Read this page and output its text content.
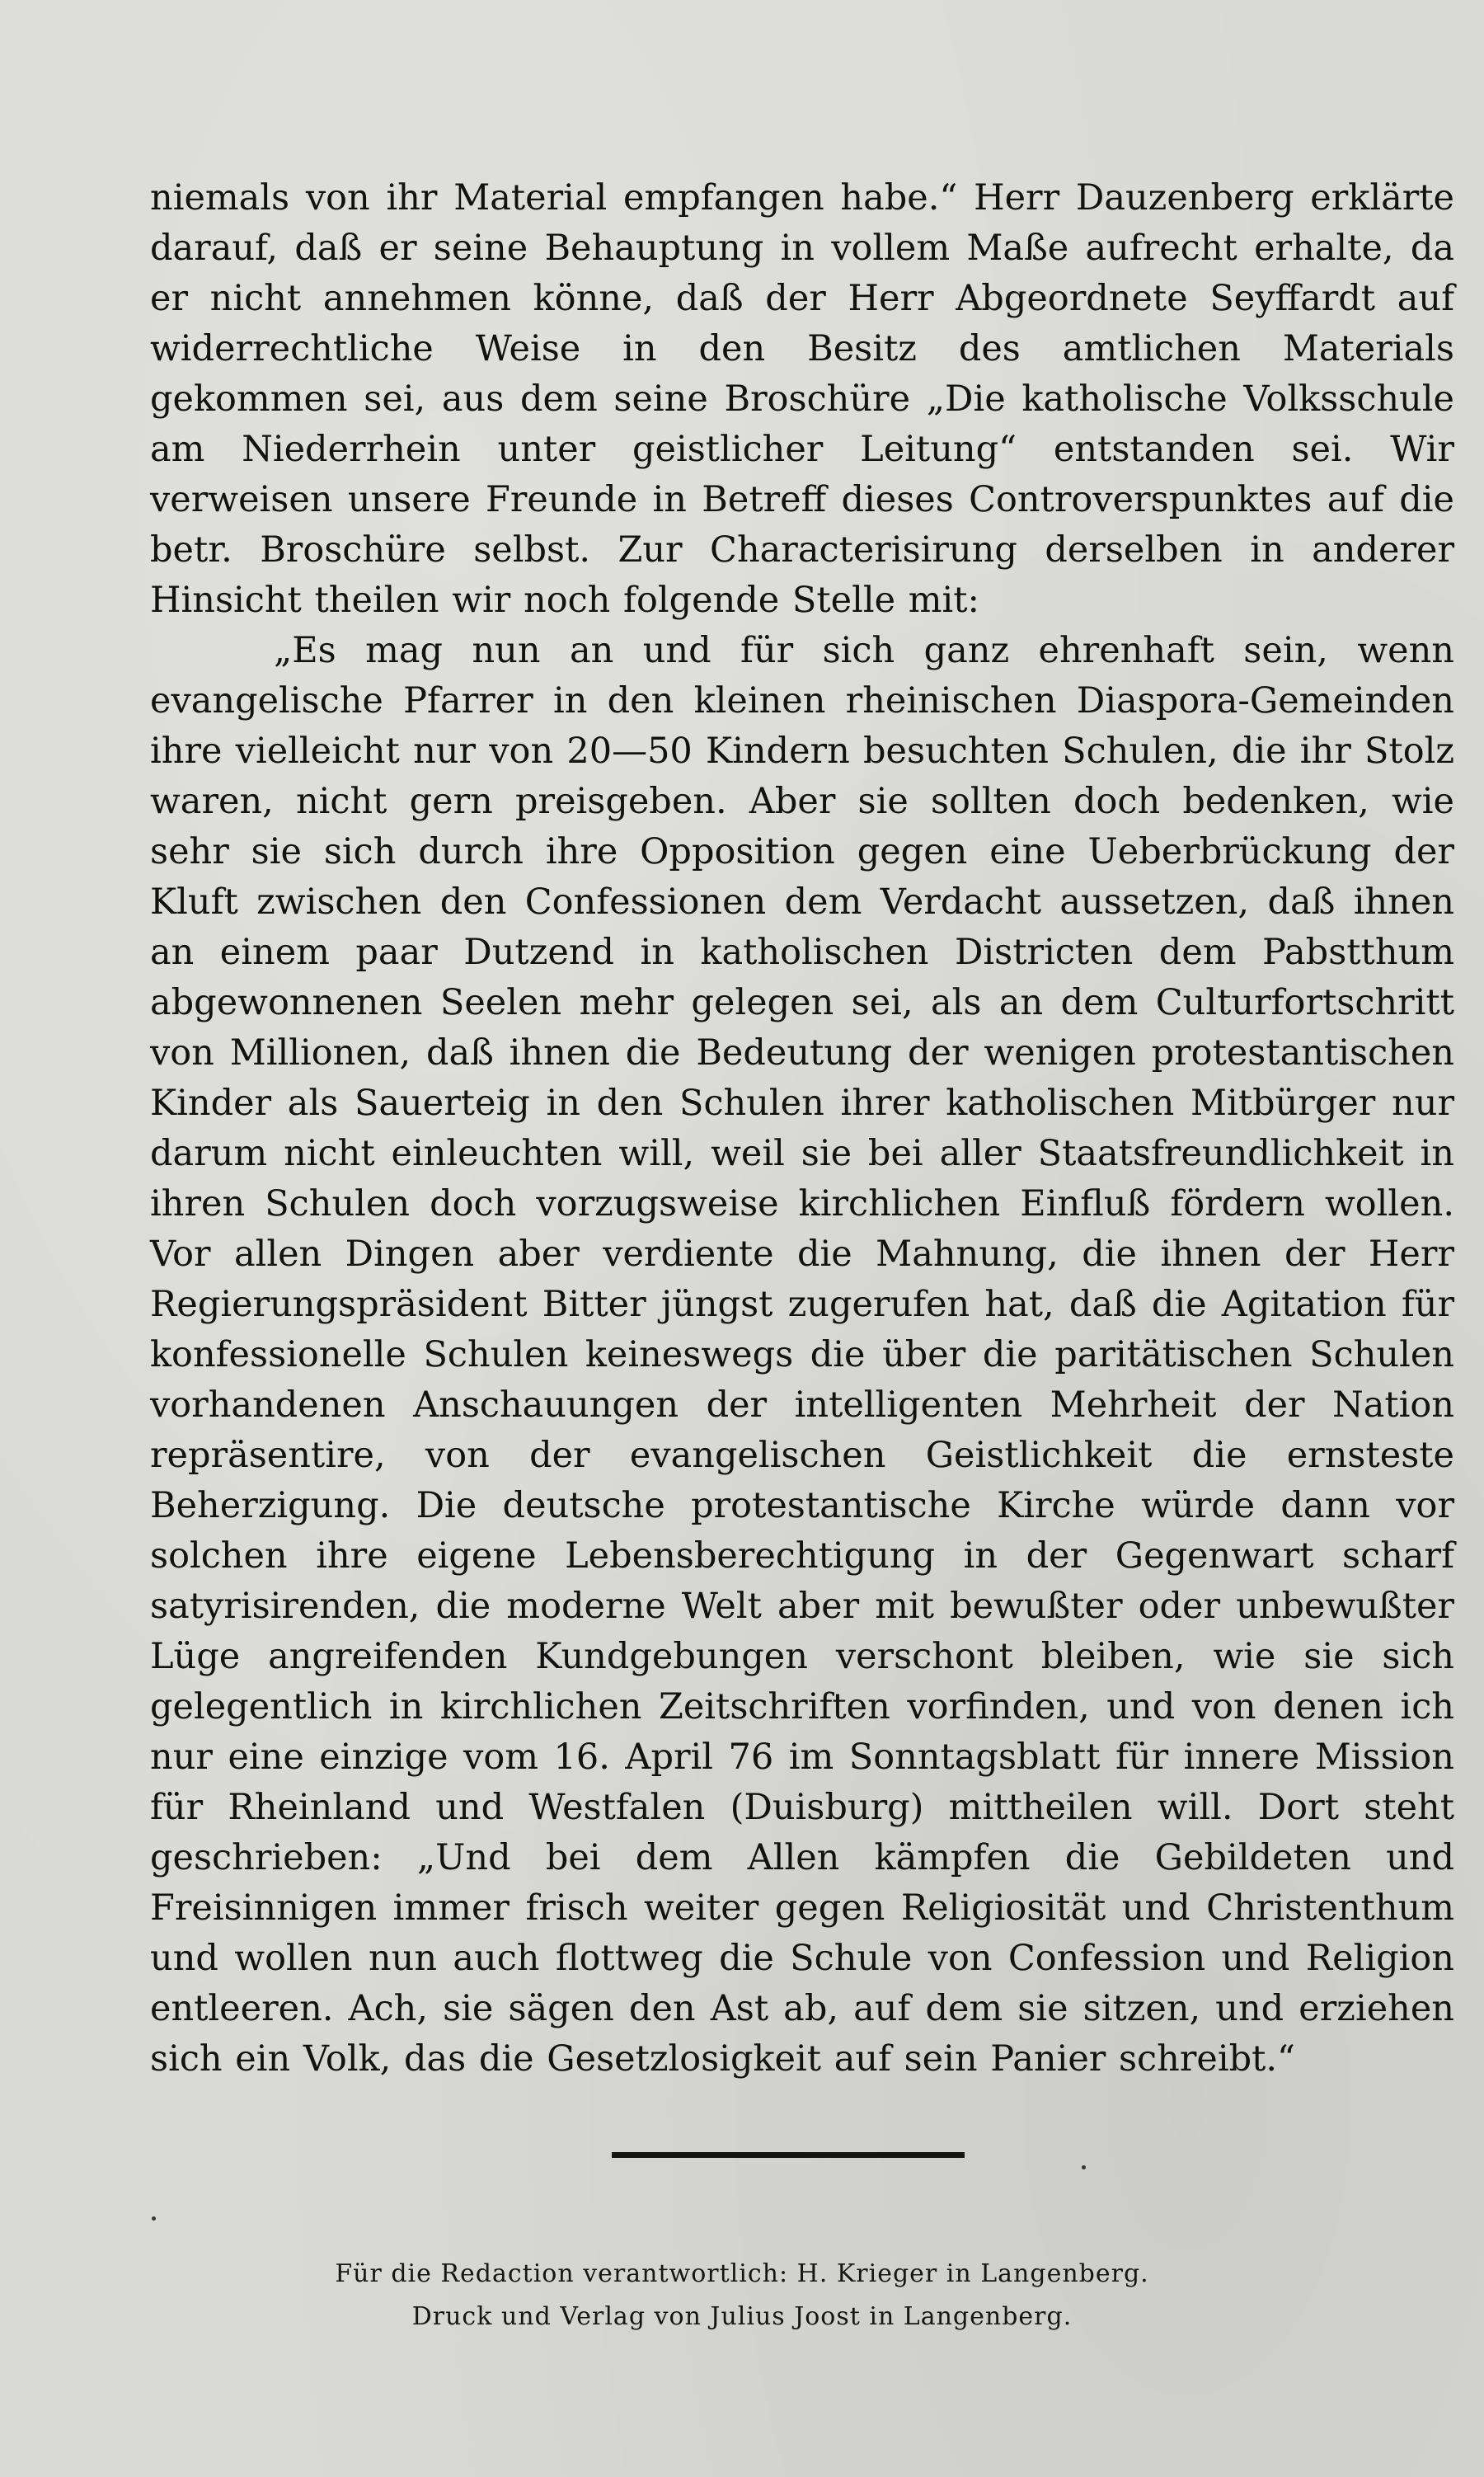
niemals von ihr Material empfangen habe.“ Herr Dauzenberg erklärte darauf, daß er seine Behauptung in vollem Maße aufrecht erhalte, da er nicht annehmen könne, daß der Herr Abgeordnete Seyffardt auf widerrechtliche Weise in den Besitz des amtlichen Materials gekommen sei, aus dem seine Broschüre „Die katholische Volksschule am Niederrhein unter geistlicher Leitung“ entstanden sei. Wir verweisen unsere Freunde in Betreff dieses Controverspunktes auf die betr. Broschüre selbst. Zur Characterisirung derselben in anderer Hinsicht theilen wir noch folgende Stelle mit:

„Es mag nun an und für sich ganz ehrenhaft sein, wenn evangelische Pfarrer in den kleinen rheinischen Diaspora-Gemeinden ihre vielleicht nur von 20—50 Kindern besuchten Schulen, die ihr Stolz waren, nicht gern preisgeben. Aber sie sollten doch bedenken, wie sehr sie sich durch ihre Opposition gegen eine Ueberbrückung der Kluft zwischen den Confessionen dem Verdacht aussetzen, daß ihnen an einem paar Dutzend in katholischen Districten dem Pabstthum abgewonnenen Seelen mehr gelegen sei, als an dem Culturfortschritt von Millionen, daß ihnen die Bedeutung der wenigen protestantischen Kinder als Sauerteig in den Schulen ihrer katholischen Mitbürger nur darum nicht einleuchten will, weil sie bei aller Staatsfreundlichkeit in ihren Schulen doch vorzugsweise kirchlichen Einfluß fördern wollen. Vor allen Dingen aber verdiente die Mahnung, die ihnen der Herr Regierungspräsident Bitter jüngst zugerufen hat, daß die Agitation für konfessionelle Schulen keineswegs die über die paritätischen Schulen vorhandenen Anschauungen der intelligenten Mehrheit der Nation repräsentire, von der evangelischen Geistlichkeit die ernsteste Beherzigung. Die deutsche protestantische Kirche würde dann vor solchen ihre eigene Lebensberechtigung in der Gegenwart scharf satyrisirenden, die moderne Welt aber mit bewußter oder unbewußter Lüge angreifenden Kundgebungen verschont bleiben, wie sie sich gelegentlich in kirchlichen Zeitschriften vorfinden, und von denen ich nur eine einzige vom 16. April 76 im Sonntagsblatt für innere Mission für Rheinland und Westfalen (Duisburg) mittheilen will. Dort steht geschrieben: „Und bei dem Allen kämpfen die Gebildeten und Freisinnigen immer frisch weiter gegen Religiosität und Christenthum und wollen nun auch flottweg die Schule von Confession und Religion entleeren. Ach, sie sägen den Ast ab, auf dem sie sitzen, und erziehen sich ein Volk, das die Gesetzlosigkeit auf sein Panier schreibt.“

Für die Redaction verantwortlich: H. Krieger in Langenberg.
Druck und Verlag von Julius Joost in Langenberg.
